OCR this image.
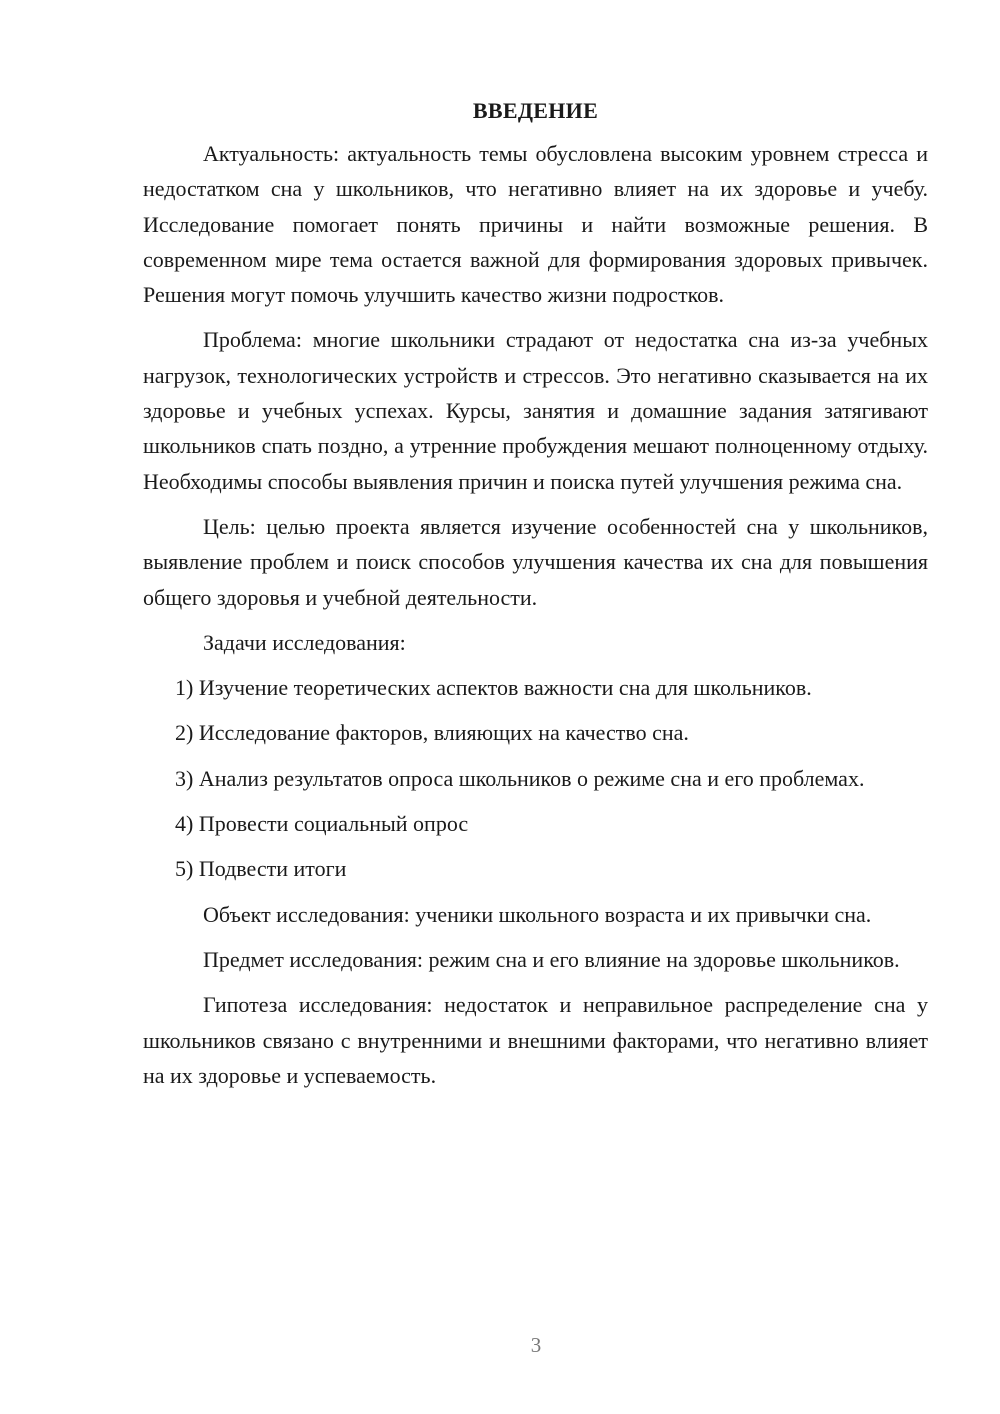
ВВЕДЕНИЕ

Актуальность: актуальность темы обусловлена высоким уровнем стресса и недостатком сна у школьников, что негативно влияет на их здоровье и учебу. Исследование помогает понять причины и найти возможные решения. В современном мире тема остается важной для формирования здоровых привычек. Решения могут помочь улучшить качество жизни подростков.

Проблема: многие школьники страдают от недостатка сна из-за учебных нагрузок, технологических устройств и стрессов. Это негативно сказывается на их здоровье и учебных успехах. Курсы, занятия и домашние задания затягивают школьников спать поздно, а утренние пробуждения мешают полноценному отдыху. Необходимы способы выявления причин и поиска путей улучшения режима сна.

Цель: целью проекта является изучение особенностей сна у школьников, выявление проблем и поиск способов улучшения качества их сна для повышения общего здоровья и учебной деятельности.

Задачи исследования:

1) Изучение теоретических аспектов важности сна для школьников.

2) Исследование факторов, влияющих на качество сна.

3) Анализ результатов опроса школьников о режиме сна и его проблемах.

4) Провести социальный опрос

5) Подвести итоги

Объект исследования: ученики школьного возраста и их привычки сна.

Предмет исследования: режим сна и его влияние на здоровье школьников.

Гипотеза исследования: недостаток и неправильное распределение сна у школьников связано с внутренними и внешними факторами, что негативно влияет на их здоровье и успеваемость.

3
